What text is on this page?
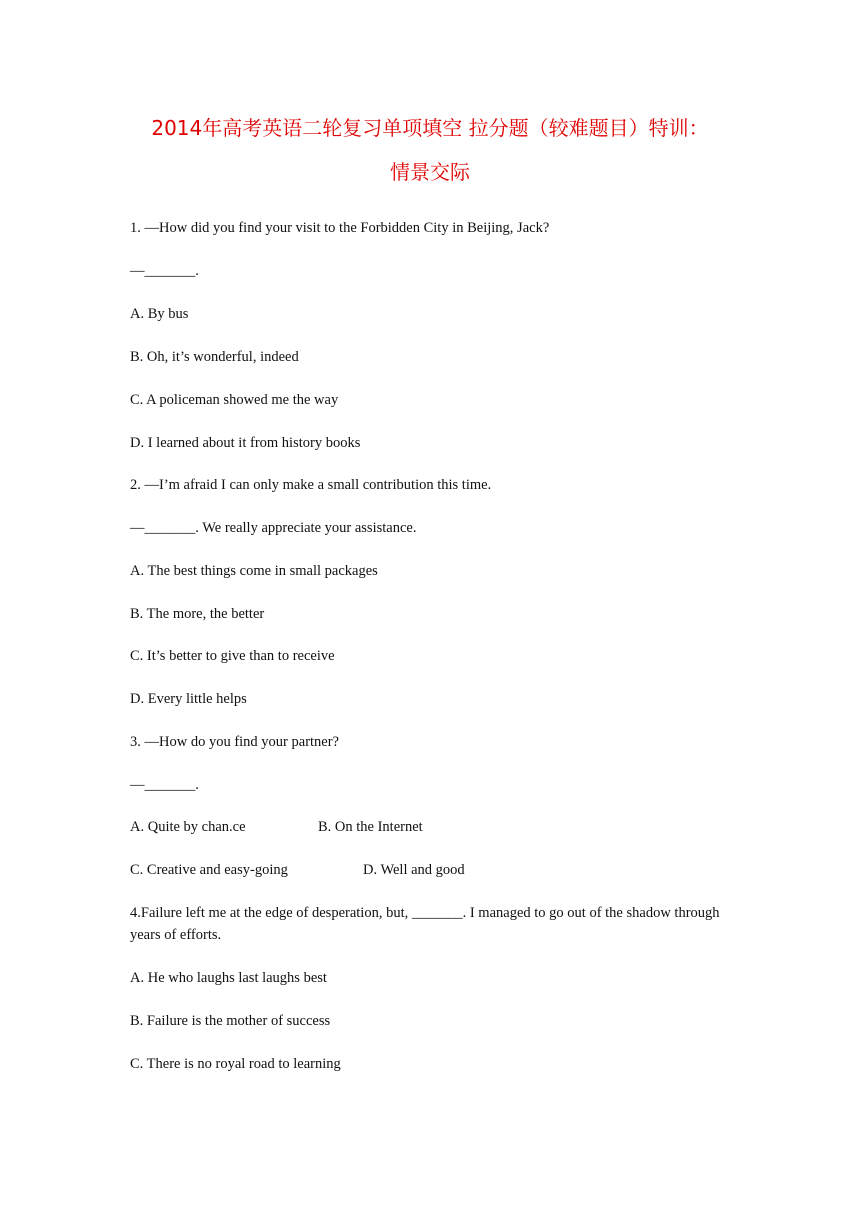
2014年高考英语二轮复习单项填空 拉分题（较难题目）特训：
情景交际

1. —How did you find your visit to the Forbidden City in Beijing, Jack?

—_______.

A. By bus

B. Oh, it’s wonderful, indeed

C. A policeman showed me the way

D. I learned about it from history books

2. —I’m afraid I can only make a small contribution this time.

—_______. We really appreciate your assistance.

A. The best things come in small packages

B. The more, the better

C. It’s better to give than to receive

D. Every little helps

3. —How do you find your partner?

—_______.

A. Quite by chan.ce	B. On the Internet

C. Creative and easy-going	D. Well and good

4.Failure left me at the edge of desperation, but, _______. I managed to go out of the shadow through years of efforts.

A. He who laughs last laughs best

B. Failure is the mother of success

C. There is no royal road to learning
